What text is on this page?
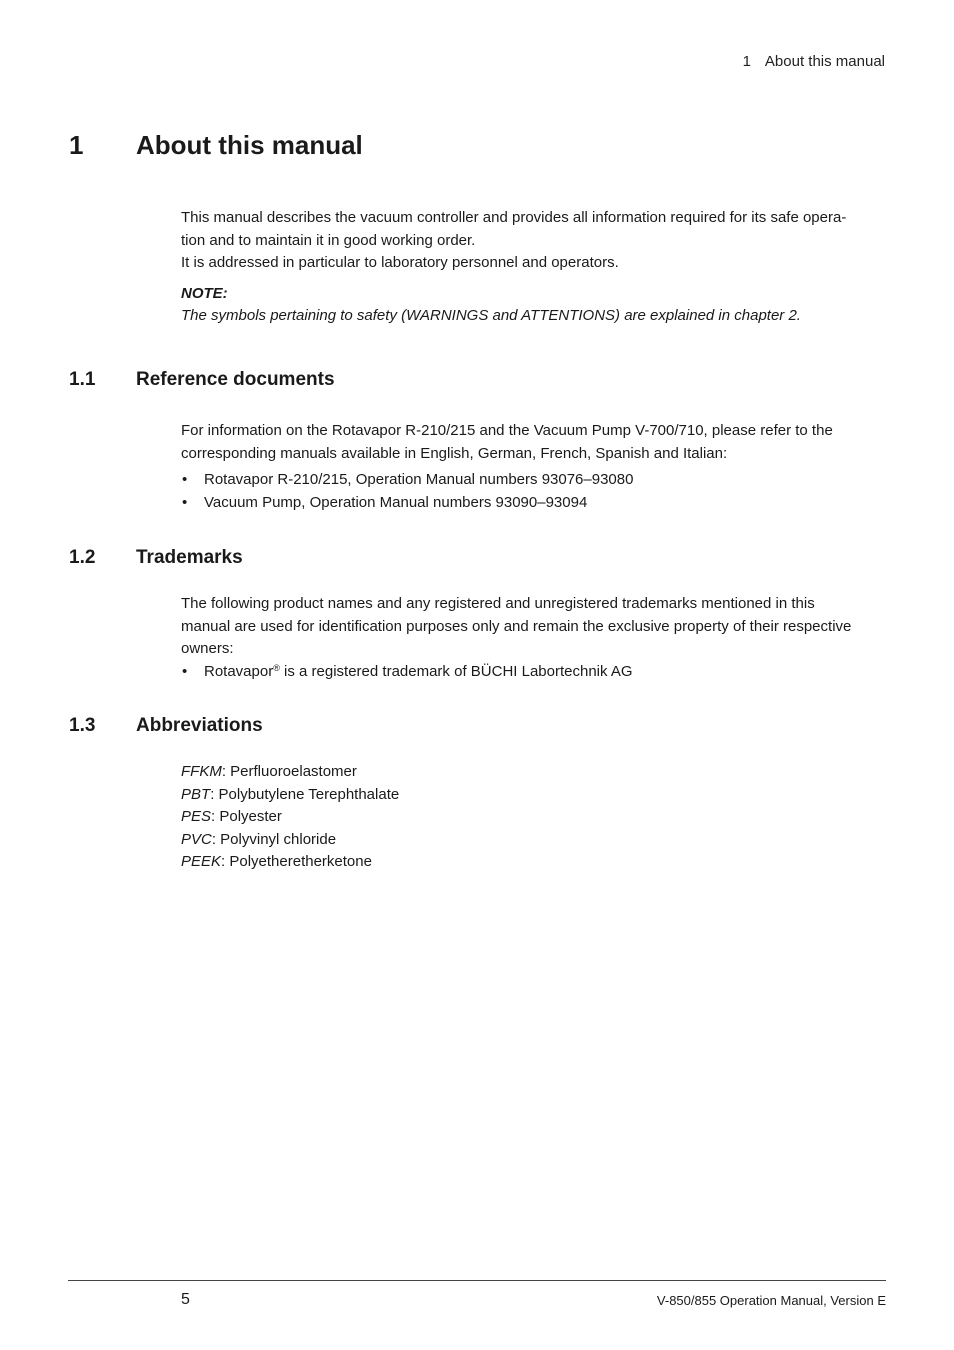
1 About this manual
1 About this manual

This manual describes the vacuum controller and provides all information required for its safe opera-

tion and to maintain it in good working order.

It is addressed in particular to laboratory personnel and operators.

NOTE:

The symbols pertaining to safety (WARNINGS and ATTENTIONS) are explained in chapter 2.

1.1 Reference documents

For information on the Rotavapor R-210/215 and the Vacuum Pump V-700/710, please refer to the

corresponding manuals available in English, German, French, Spanish and Italian:

• Rotavapor R-210/215, Operation Manual numbers 93076–93080
• Vacuum Pump, Operation Manual numbers 93090–93094
1.2 Trademarks

The following product names and any registered and unregistered trademarks mentioned in this

manual are used for identification purposes only and remain the exclusive property of their respective

owners:

• Rotavapor® is a registered trademark of BÜCHI Labortechnik AG
1.3 Abbreviations

FFKM: Perfluoroelastomer

PBT: Polybutylene Terephthalate

PES: Polyester

PVC: Polyvinyl chloride

PEEK: Polyetheretherketone

5	V-850/855 Operation Manual, Version E
